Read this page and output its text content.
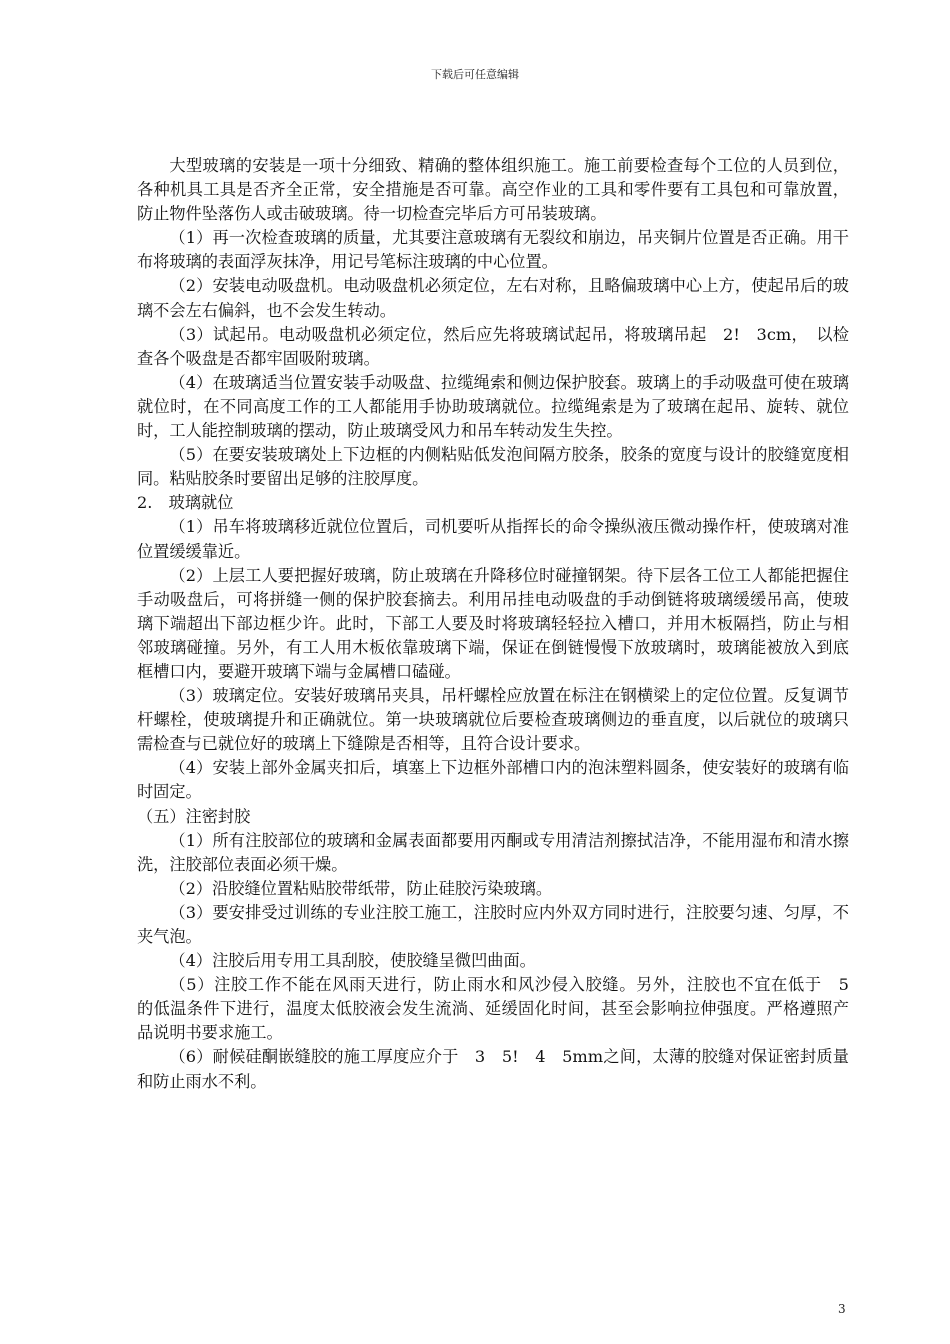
下载后可任意编辑

大型玻璃的安装是一项十分细致、精确的整体组织施工。施工前要检查每个工位的人员到位，各种机具工具是否齐全正常，安全措施是否可靠。高空作业的工具和零件要有工具包和可靠放置，防止物件坠落伤人或击破玻璃。待一切检查完毕后方可吊装玻璃。

（1）再一次检查玻璃的质量，尤其要注意玻璃有无裂纹和崩边，吊夹铜片位置是否正确。用干布将玻璃的表面浮灰抹净，用记号笔标注玻璃的中心位置。

（2）安装电动吸盘机。电动吸盘机必须定位，左右对称，且略偏玻璃中心上方，使起吊后的玻璃不会左右偏斜，也不会发生转动。

（3）试起吊。电动吸盘机必须定位，然后应先将玻璃试起吊，将玻璃吊起　2!　3cm，　以检查各个吸盘是否都牢固吸附玻璃。

（4）在玻璃适当位置安装手动吸盘、拉缆绳索和侧边保护胶套。玻璃上的手动吸盘可使在玻璃就位时，在不同高度工作的工人都能用手协助玻璃就位。拉缆绳索是为了玻璃在起吊、旋转、就位时，工人能控制玻璃的摆动，防止玻璃受风力和吊车转动发生失控。

（5）在要安装玻璃处上下边框的内侧粘贴低发泡间隔方胶条，胶条的宽度与设计的胶缝宽度相同。粘贴胶条时要留出足够的注胶厚度。

2.　玻璃就位

（1）吊车将玻璃移近就位位置后，司机要听从指挥长的命令操纵液压微动操作杆，使玻璃对准位置缓缓靠近。

（2）上层工人要把握好玻璃，防止玻璃在升降移位时碰撞钢架。待下层各工位工人都能把握住手动吸盘后，可将拼缝一侧的保护胶套摘去。利用吊挂电动吸盘的手动倒链将玻璃缓缓吊高，使玻璃下端超出下部边框少许。此时，下部工人要及时将玻璃轻轻拉入槽口，并用木板隔挡，防止与相邻玻璃碰撞。另外，有工人用木板依靠玻璃下端，保证在倒链慢慢下放玻璃时，玻璃能被放入到底框槽口内，要避开玻璃下端与金属槽口磕碰。

（3）玻璃定位。安装好玻璃吊夹具，吊杆螺栓应放置在标注在钢横梁上的定位位置。反复调节杆螺栓，使玻璃提升和正确就位。第一块玻璃就位后要检查玻璃侧边的垂直度，以后就位的玻璃只需检查与已就位好的玻璃上下缝隙是否相等，且符合设计要求。

（4）安装上部外金属夹扣后，填塞上下边框外部槽口内的泡沫塑料圆条，使安装好的玻璃有临时固定。

（五）注密封胶

（1）所有注胶部位的玻璃和金属表面都要用丙酮或专用清洁剂擦拭洁净，不能用湿布和清水擦洗，注胶部位表面必须干燥。

（2）沿胶缝位置粘贴胶带纸带，防止硅胶污染玻璃。

（3）要安排受过训练的专业注胶工施工，注胶时应内外双方同时进行，注胶要匀速、匀厚，不夹气泡。

（4）注胶后用专用工具刮胶，使胶缝呈微凹曲面。

（5）注胶工作不能在风雨天进行，防止雨水和风沙侵入胶缝。另外，注胶也不宜在低于　5　的低温条件下进行，温度太低胶液会发生流淌、延缓固化时间，甚至会影响拉伸强度。严格遵照产品说明书要求施工。

（6）耐候硅酮嵌缝胶的施工厚度应介于　3　5!　4　5mm之间，太薄的胶缝对保证密封质量和防止雨水不利。

3
